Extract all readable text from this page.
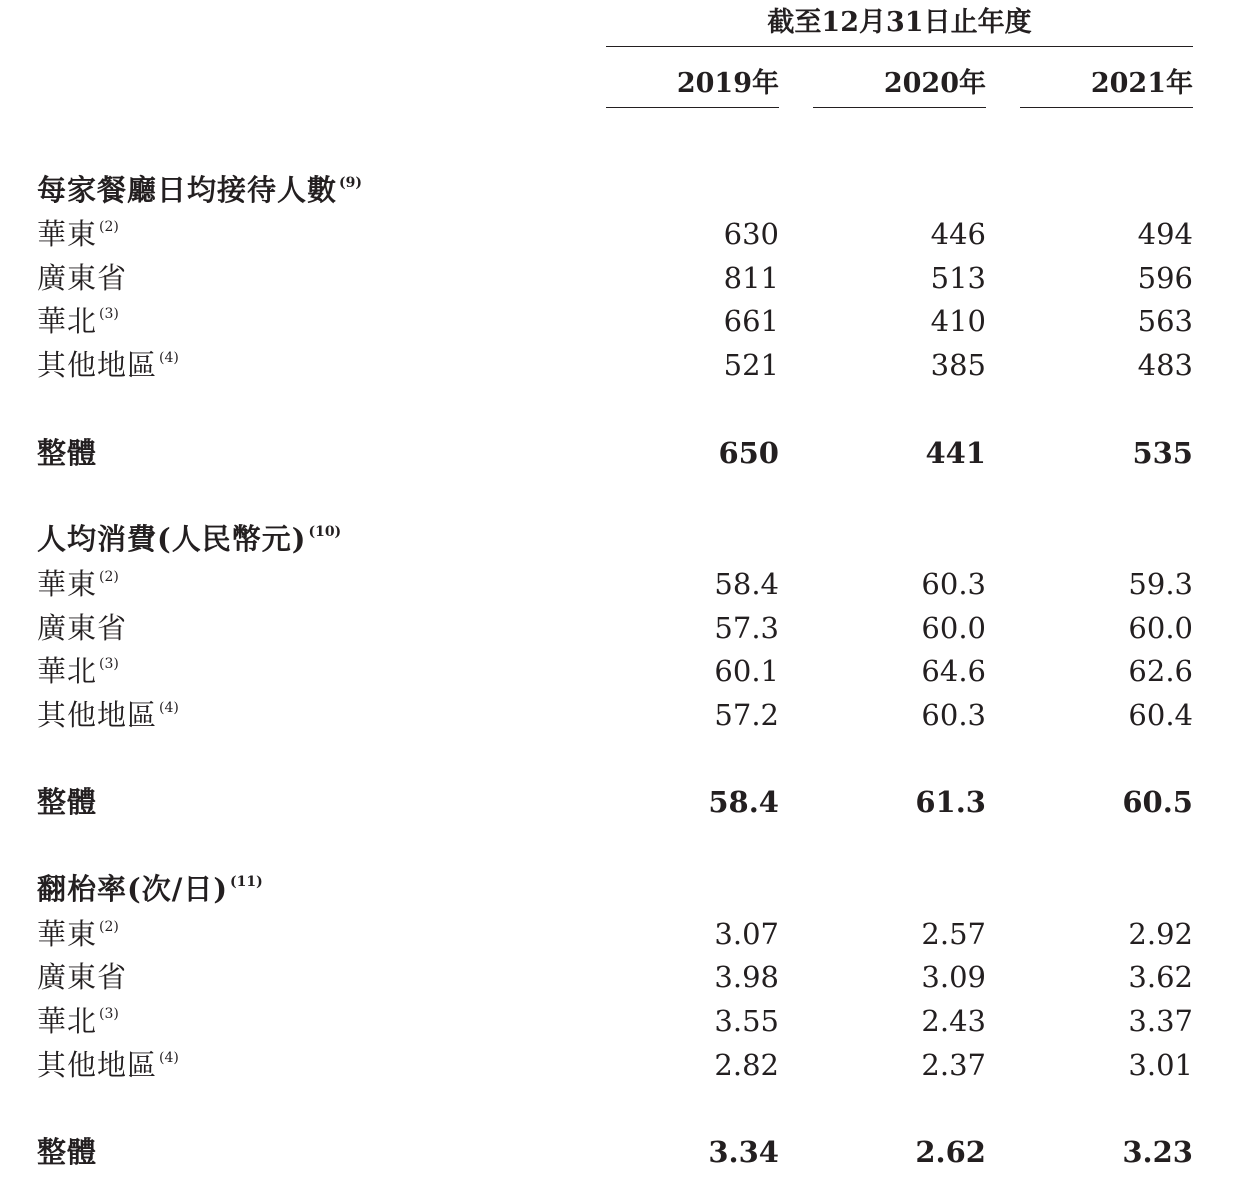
截至12月31日止年度
2019年	2020年	2021年
每家餐廳日均接待人數 $^{(9)}$
華東 $^{(2)}$	630	446	494
廣東省	811	513	596
華北 $^{(3)}$	661	410	563
其他地區 $^{(4)}$	521	385	483
整體	650	441	535
人均消費(人民幣元) $^{(10)}$
華東 $^{(2)}$	58.4	60.3	59.3
廣東省	57.3	60.0	60.0
華北 $^{(3)}$	60.1	64.6	62.6
其他地區 $^{(4)}$	57.2	60.3	60.4
整體	58.4	61.3	60.5
翻枱率(次/日) $^{(11)}$
華東 $^{(2)}$	3.07	2.57	2.92
廣東省	3.98	3.09	3.62
華北 $^{(3)}$	3.55	2.43	3.37
其他地區 $^{(4)}$	2.82	2.37	3.01
整體	3.34	2.62	3.23
